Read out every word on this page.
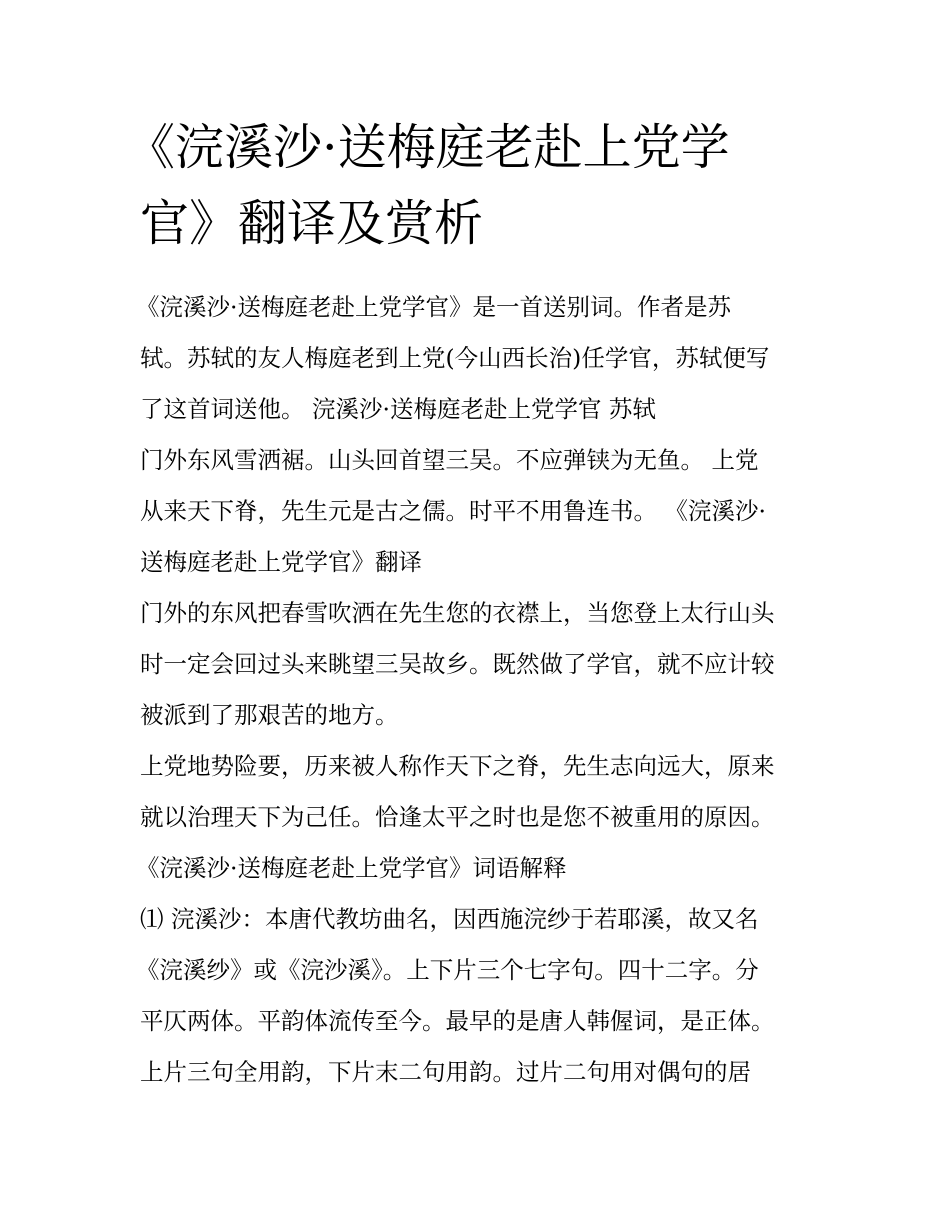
《浣溪沙·送梅庭老赴上党学
官》翻译及赏析
《浣溪沙·送梅庭老赴上党学官》是一首送别词。作者是苏
轼。苏轼的友人梅庭老到上党(今山西长治)任学官，苏轼便写
了这首词送他。 浣溪沙·送梅庭老赴上党学官 苏轼
门外东风雪洒裾。山头回首望三吴。不应弹铗为无鱼。 上党
从来天下脊，先生元是古之儒。时平不用鲁连书。 《浣溪沙·
送梅庭老赴上党学官》翻译
门外的东风把春雪吹洒在先生您的衣襟上，当您登上太行山头
时一定会回过头来眺望三吴故乡。既然做了学官，就不应计较
被派到了那艰苦的地方。
上党地势险要，历来被人称作天下之脊，先生志向远大，原来
就以治理天下为己任。恰逢太平之时也是您不被重用的原因。
《浣溪沙·送梅庭老赴上党学官》词语解释
⑴ 浣溪沙：本唐代教坊曲名，因西施浣纱于若耶溪，故又名
《浣溪纱》或《浣沙溪》。上下片三个七字句。四十二字。分
平仄两体。平韵体流传至今。最早的是唐人韩偓词，是正体。
上片三句全用韵，下片末二句用韵。过片二句用对偶句的居
